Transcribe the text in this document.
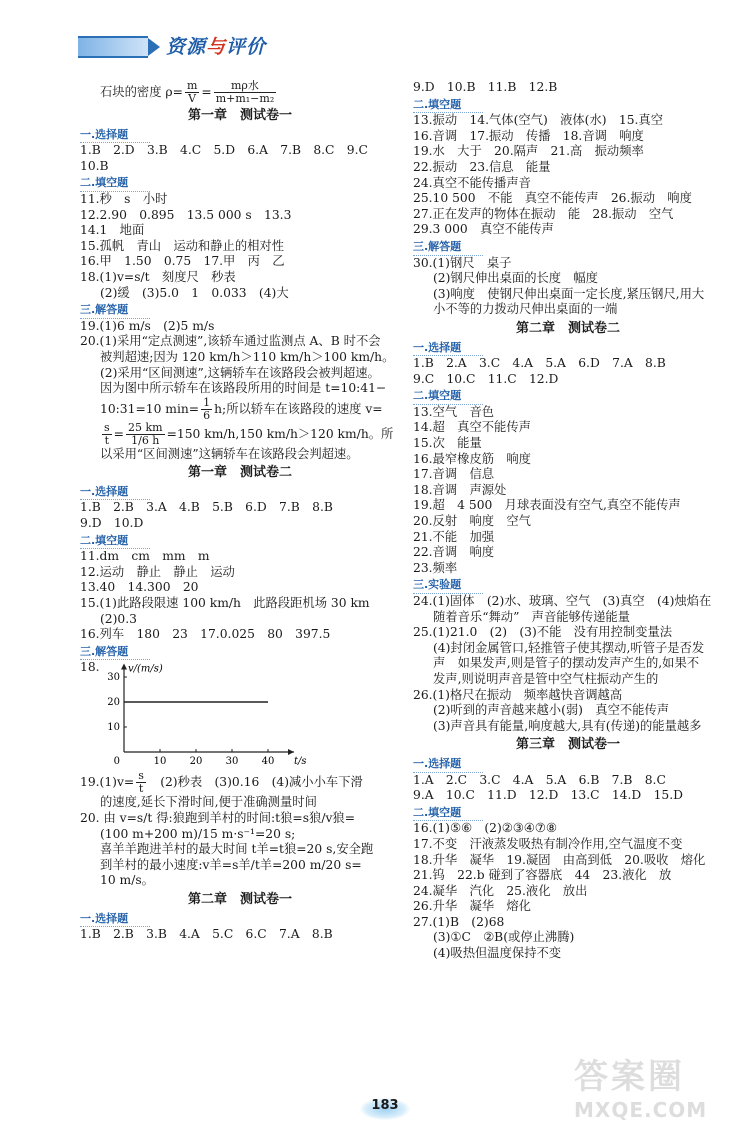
资源与评价
石块的密度 $\rho= \frac{m}{V} = \frac{\text{mρ水}}{\text{m+m₁−m₂}}$
第一章　测试卷一
一.选择题
1.B　2.D　3.B　4.C　5.D　6.A　7.B　8.C　9.C
10.B
二.填空题
11.秒　s　小时
12.2.90　0.895　13.5 000 s　13.3
14.1　地面
15.孤帆　青山　运动和静止的相对性
16.甲　1.50　0.75　17.甲　丙　乙
18.(1)v=s/t　刻度尺　秒表
(2)缓　(3)5.0　1　0.033　(4)大
三.解答题
19.(1)6 m/s　(2)5 m/s
20.(1)采用“定点测速”,该轿车通过监测点 A、B 时不会
被判超速;因为 120 km/h＞110 km/h＞100 km/h。
(2)采用“区间测速”,这辆轿车在该路段会被判超速。
因为图中所示轿车在该路段所用的时间是 t=10:41−
10:31=10 $\min= \frac{1}{6} h$;所以轿车在该路段的速度 v=
$\frac{s}{t} = \frac{25 km}{1/6 h} =150$ km/h,150 km/h＞120 km/h。所
以采用“区间测速”这辆轿车在该路段会判超速。
第一章　测试卷二
一.选择题
1.B　2.B　3.A　4.B　5.B　6.D　7.B　8.B
9.D　10.D
二.填空题
11.dm　cm　mm　m
12.运动　静止　静止　运动
13.40　14.300　20
15.(1)此路段限速 100 km/h　此路段距机场 30 km
(2)0.3
16.列车　180　23　17.0.025　80　397.5
三.解答题
18.
10 20 30 40
10
20
30
0
v/(m/s)
t/s
$19.(1)v= \frac{s}{t}$ 　(2)秒表　(3)0.16　(4)减小小车下滑
的速度,延长下滑时间,便于准确测量时间
20. 由 v=s/t 得:狼跑到羊村的时间:t狼=s狼/v狼=
(100 m+200 m)/15 m·s⁻¹=20 s;
喜羊羊跑进羊村的最大时间 t羊=t狼=20 s,安全跑
到羊村的最小速度:v羊=s羊/t羊=200 m/20 s=
10 m/s。
第二章　测试卷一
一.选择题
1.B　2.B　3.B　4.A　5.C　6.C　7.A　8.B
9.D　10.B　11.B　12.B
二.填空题
13.振动　14.气体(空气)　液体(水)　15.真空
16.音调　17.振动　传播　18.音调　响度
19.水　大于　20.隔声　21.高　振动频率
22.振动　23.信息　能量
24.真空不能传播声音
25.10 500　不能　真空不能传声　26.振动　响度
27.正在发声的物体在振动　能　28.振动　空气
29.3 000　真空不能传声
三.解答题
30.(1)钢尺　桌子
(2)钢尺伸出桌面的长度　幅度
(3)响度　使钢尺伸出桌面一定长度,紧压钢尺,用大
小不等的力拨动尺伸出桌面的一端
第二章　测试卷二
一.选择题
1.B　2.A　3.C　4.A　5.A　6.D　7.A　8.B
9.C　10.C　11.C　12.D
二.填空题
13.空气　音色
14.超　真空不能传声
15.次　能量
16.最窄橡皮筋　响度
17.音调　信息
18.音调　声源处
19.超　4 500　月球表面没有空气,真空不能传声
20.反射　响度　空气
21.不能　加强
22.音调　响度
23.频率
三.实验题
24.(1)固体　(2)水、玻璃、空气　(3)真空　(4)烛焰在
随着音乐“舞动”　声音能够传递能量
25.(1)21.0　(2)　(3)不能　没有用控制变量法
(4)封闭金属管口,轻推管子使其摆动,听管子是否发
声　如果发声,则是管子的摆动发声产生的,如果不
发声,则说明声音是管中空气柱振动产生的
26.(1)格尺在振动　频率越快音调越高
(2)听到的声音越来越小(弱)　真空不能传声
(3)声音具有能量,响度越大,具有(传递)的能量越多
第三章　测试卷一
一.选择题
1.A　2.C　3.C　4.A　5.A　6.B　7.B　8.C
9.A　10.C　11.D　12.D　13.C　14.D　15.D
二.填空题
16.(1)⑤⑥　(2)②③④⑦⑧
17.不变　汗液蒸发吸热有制冷作用,空气温度不变
18.升华　凝华　19.凝固　由高到低　20.吸收　熔化
21.钨　22.b 碰到了容器底　44　23.液化　放
24.凝华　汽化　25.液化　放出
26.升华　凝华　熔化
27.(1)B　(2)68
(3)①C　②B(或停止沸腾)
(4)吸热但温度保持不变
183
答案圈
MXQE.COM
